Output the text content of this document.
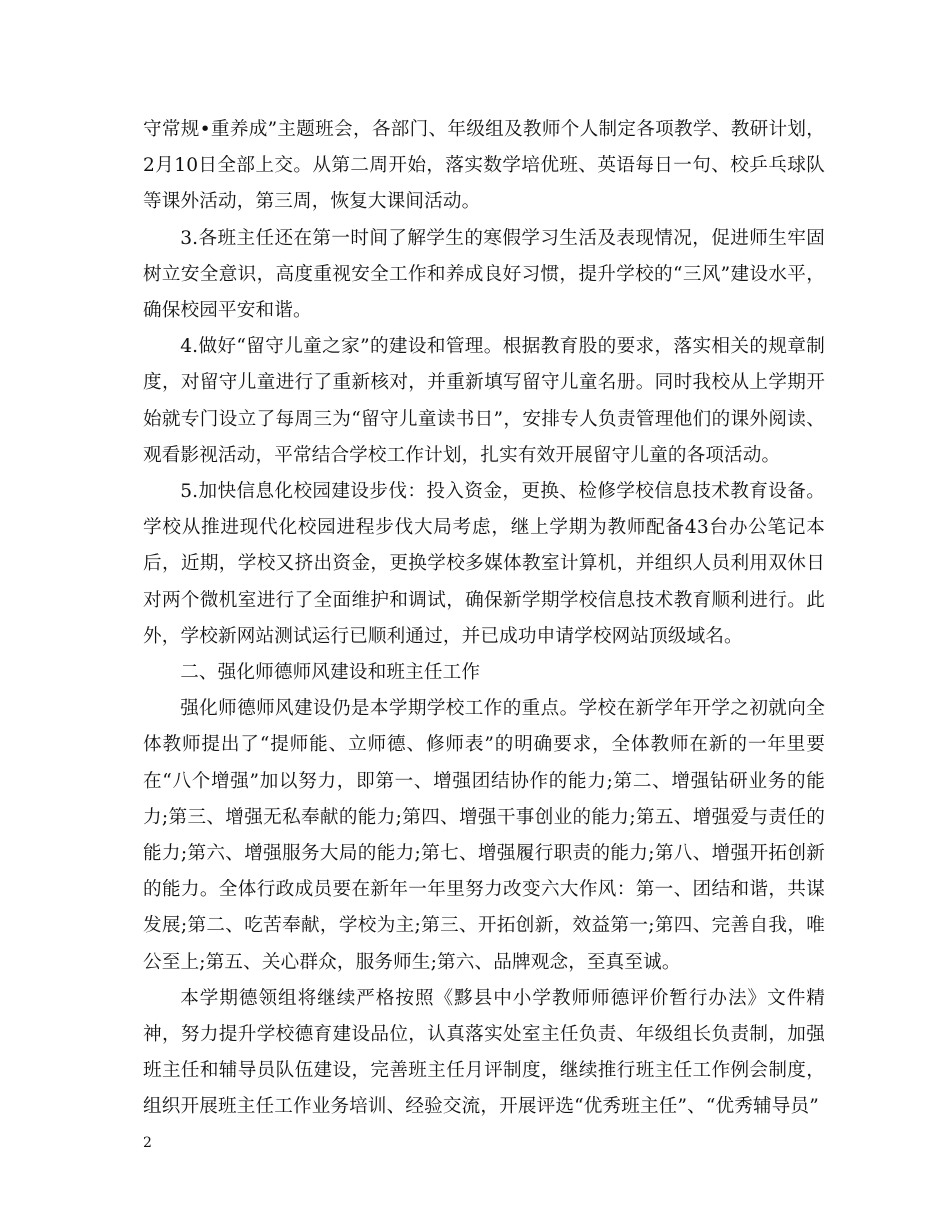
守常规•重养成”主题班会，各部门、年级组及教师个人制定各项教学、教研计划，2月10日全部上交。从第二周开始，落实数学培优班、英语每日一句、校乒乓球队等课外活动，第三周，恢复大课间活动。

3.各班主任还在第一时间了解学生的寒假学习生活及表现情况，促进师生牢固树立安全意识，高度重视安全工作和养成良好习惯，提升学校的“三风”建设水平，确保校园平安和谐。

4.做好“留守儿童之家”的建设和管理。根据教育股的要求，落实相关的规章制度，对留守儿童进行了重新核对，并重新填写留守儿童名册。同时我校从上学期开始就专门设立了每周三为“留守儿童读书日”，安排专人负责管理他们的课外阅读、观看影视活动，平常结合学校工作计划，扎实有效开展留守儿童的各项活动。

5.加快信息化校园建设步伐：投入资金，更换、检修学校信息技术教育设备。学校从推进现代化校园进程步伐大局考虑，继上学期为教师配备43台办公笔记本后，近期，学校又挤出资金，更换学校多媒体教室计算机，并组织人员利用双休日对两个微机室进行了全面维护和调试，确保新学期学校信息技术教育顺利进行。此外，学校新网站测试运行已顺利通过，并已成功申请学校网站顶级域名。

二、强化师德师风建设和班主任工作

强化师德师风建设仍是本学期学校工作的重点。学校在新学年开学之初就向全体教师提出了“提师能、立师德、修师表”的明确要求，全体教师在新的一年里要在“八个增强”加以努力，即第一、增强团结协作的能力;第二、增强钻研业务的能力;第三、增强无私奉献的能力;第四、增强干事创业的能力;第五、增强爱与责任的能力;第六、增强服务大局的能力;第七、增强履行职责的能力;第八、增强开拓创新的能力。全体行政成员要在新年一年里努力改变六大作风：第一、团结和谐，共谋发展;第二、吃苦奉献，学校为主;第三、开拓创新，效益第一;第四、完善自我，唯公至上;第五、关心群众，服务师生;第六、品牌观念，至真至诚。

本学期德领组将继续严格按照《黟县中小学教师师德评价暂行办法》文件精神，努力提升学校德育建设品位，认真落实处室主任负责、年级组长负责制，加强班主任和辅导员队伍建设，完善班主任月评制度，继续推行班主任工作例会制度，组织开展班主任工作业务培训、经验交流，开展评选“优秀班主任”、“优秀辅导员”

2
